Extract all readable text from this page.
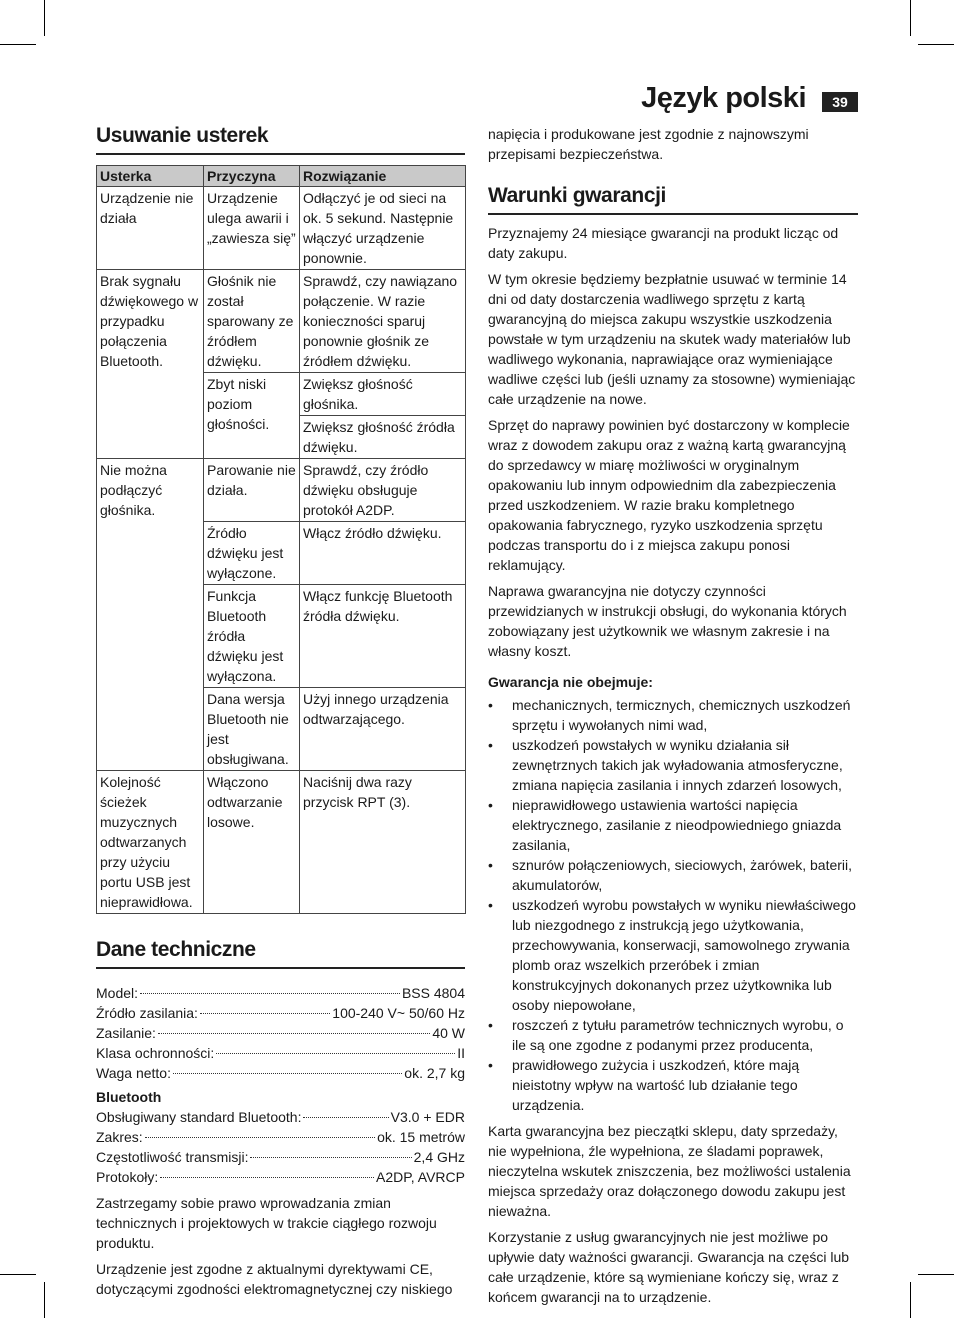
Język polski	39
Usuwanie usterek
Usterka	Przyczyna	Rozwiązanie
Urządzenie nie działa	Urządzenie ulega awarii i „zawiesza się”	Odłączyć je od sieci na ok. 5 sekund. Następnie włączyć urządzenie ponownie.
Brak sygnału dźwiękowego w przypadku połączenia Bluetooth.	Głośnik nie został sparowany ze źródłem dźwięku.	Sprawdź, czy nawiązano połączenie. W razie konieczności sparuj ponownie głośnik ze źródłem dźwięku.
	Zbyt niski poziom głośności.	Zwiększ głośność głośnika.
		Zwiększ głośność źródła dźwięku.
Nie można podłączyć głośnika.	Parowanie nie działa.	Sprawdź, czy źródło dźwięku obsługuje protokół A2DP.
	Źródło dźwięku jest wyłączone.	Włącz źródło dźwięku.
	Funkcja Bluetooth źródła dźwięku jest wyłączona.	Włącz funkcję Bluetooth źródła dźwięku.
	Dana wersja Bluetooth nie jest obsługiwana.	Użyj innego urządzenia odtwarzającego.
Kolejność ścieżek muzycznych odtwarzanych przy użyciu portu USB jest nieprawidłowa.	Włączono odtwarzanie losowe.	Naciśnij dwa razy przycisk RPT (3).
Dane techniczne
Model:	BSS 4804
Źródło zasilania:	100-240 V~ 50/60 Hz
Zasilanie:	40 W
Klasa ochronności:	II
Waga netto:	ok. 2,7 kg
Bluetooth
Obsługiwany standard Bluetooth:	V3.0 + EDR
Zakres:	ok. 15 metrów
Częstotliwość transmisji:	2,4 GHz
Protokoły:	A2DP, AVRCP

Zastrzegamy sobie prawo wprowadzania zmian technicznych i projektowych w trakcie ciągłego rozwoju produktu.

Urządzenie jest zgodne z aktualnymi dyrektywami CE, dotyczącymi zgodności elektromagnetycznej czy niskiego

napięcia i produkowane jest zgodnie z najnowszymi przepisami bezpieczeństwa.

Warunki gwarancji

Przyznajemy 24 miesiące gwarancji na produkt licząc od daty zakupu.

W tym okresie będziemy bezpłatnie usuwać w terminie 14 dni od daty dostarczenia wadliwego sprzętu z kartą gwarancyjną do miejsca zakupu wszystkie uszkodzenia powstałe w tym urządzeniu na skutek wady materiałów lub wadliwego wykonania, naprawiające oraz wymieniające wadliwe części lub (jeśli uznamy za stosowne) wymieniając całe urządzenie na nowe.

Sprzęt do naprawy powinien być dostarczony w komplecie wraz z dowodem zakupu oraz z ważną kartą gwarancyjną do sprzedawcy w miarę możliwości w oryginalnym opakowaniu lub innym odpowiednim dla zabezpieczenia przed uszkodzeniem. W razie braku kompletnego opakowania fabrycznego, ryzyko uszkodzenia sprzętu podczas transportu do i z miejsca zakupu ponosi reklamujący.

Naprawa gwarancyjna nie dotyczy czynności przewidzianych w instrukcji obsługi, do wykonania których zobowiązany jest użytkownik we własnym zakresie i na własny koszt.

Gwarancja nie obejmuje:
• mechanicznych, termicznych, chemicznych uszkodzeń sprzętu i wywołanych nimi wad,
• uszkodzeń powstałych w wyniku działania sił zewnętrznych takich jak wyładowania atmosferyczne, zmiana napięcia zasilania i innych zdarzeń losowych,
• nieprawidłowego ustawienia wartości napięcia elektrycznego, zasilanie z nieodpowiedniego gniazda zasilania,
• sznurów połączeniowych, sieciowych, żarówek, baterii, akumulatorów,
• uszkodzeń wyrobu powstałych w wyniku niewłaściwego lub niezgodnego z instrukcją jego użytkowania, przechowywania, konserwacji, samowolnego zrywania plomb oraz wszelkich przeróbek i zmian konstrukcyjnych dokonanych przez użytkownika lub osoby niepowołane,
• roszczeń z tytułu parametrów technicznych wyrobu, o ile są one zgodne z podanymi przez producenta,
• prawidłowego zużycia i uszkodzeń, które mają nieistotny wpływ na wartość lub działanie tego urządzenia.

Karta gwarancyjna bez pieczątki sklepu, daty sprzedaży, nie wypełniona, źle wypełniona, ze śladami poprawek, nieczytelna wskutek zniszczenia, bez możliwości ustalenia miejsca sprzedaży oraz dołączonego dowodu zakupu jest nieważna.

Korzystanie z usług gwarancyjnych nie jest możliwe po upływie daty ważności gwarancji. Gwarancja na części lub całe urządzenie, które są wymieniane kończy się, wraz z końcem gwarancji na to urządzenie.
